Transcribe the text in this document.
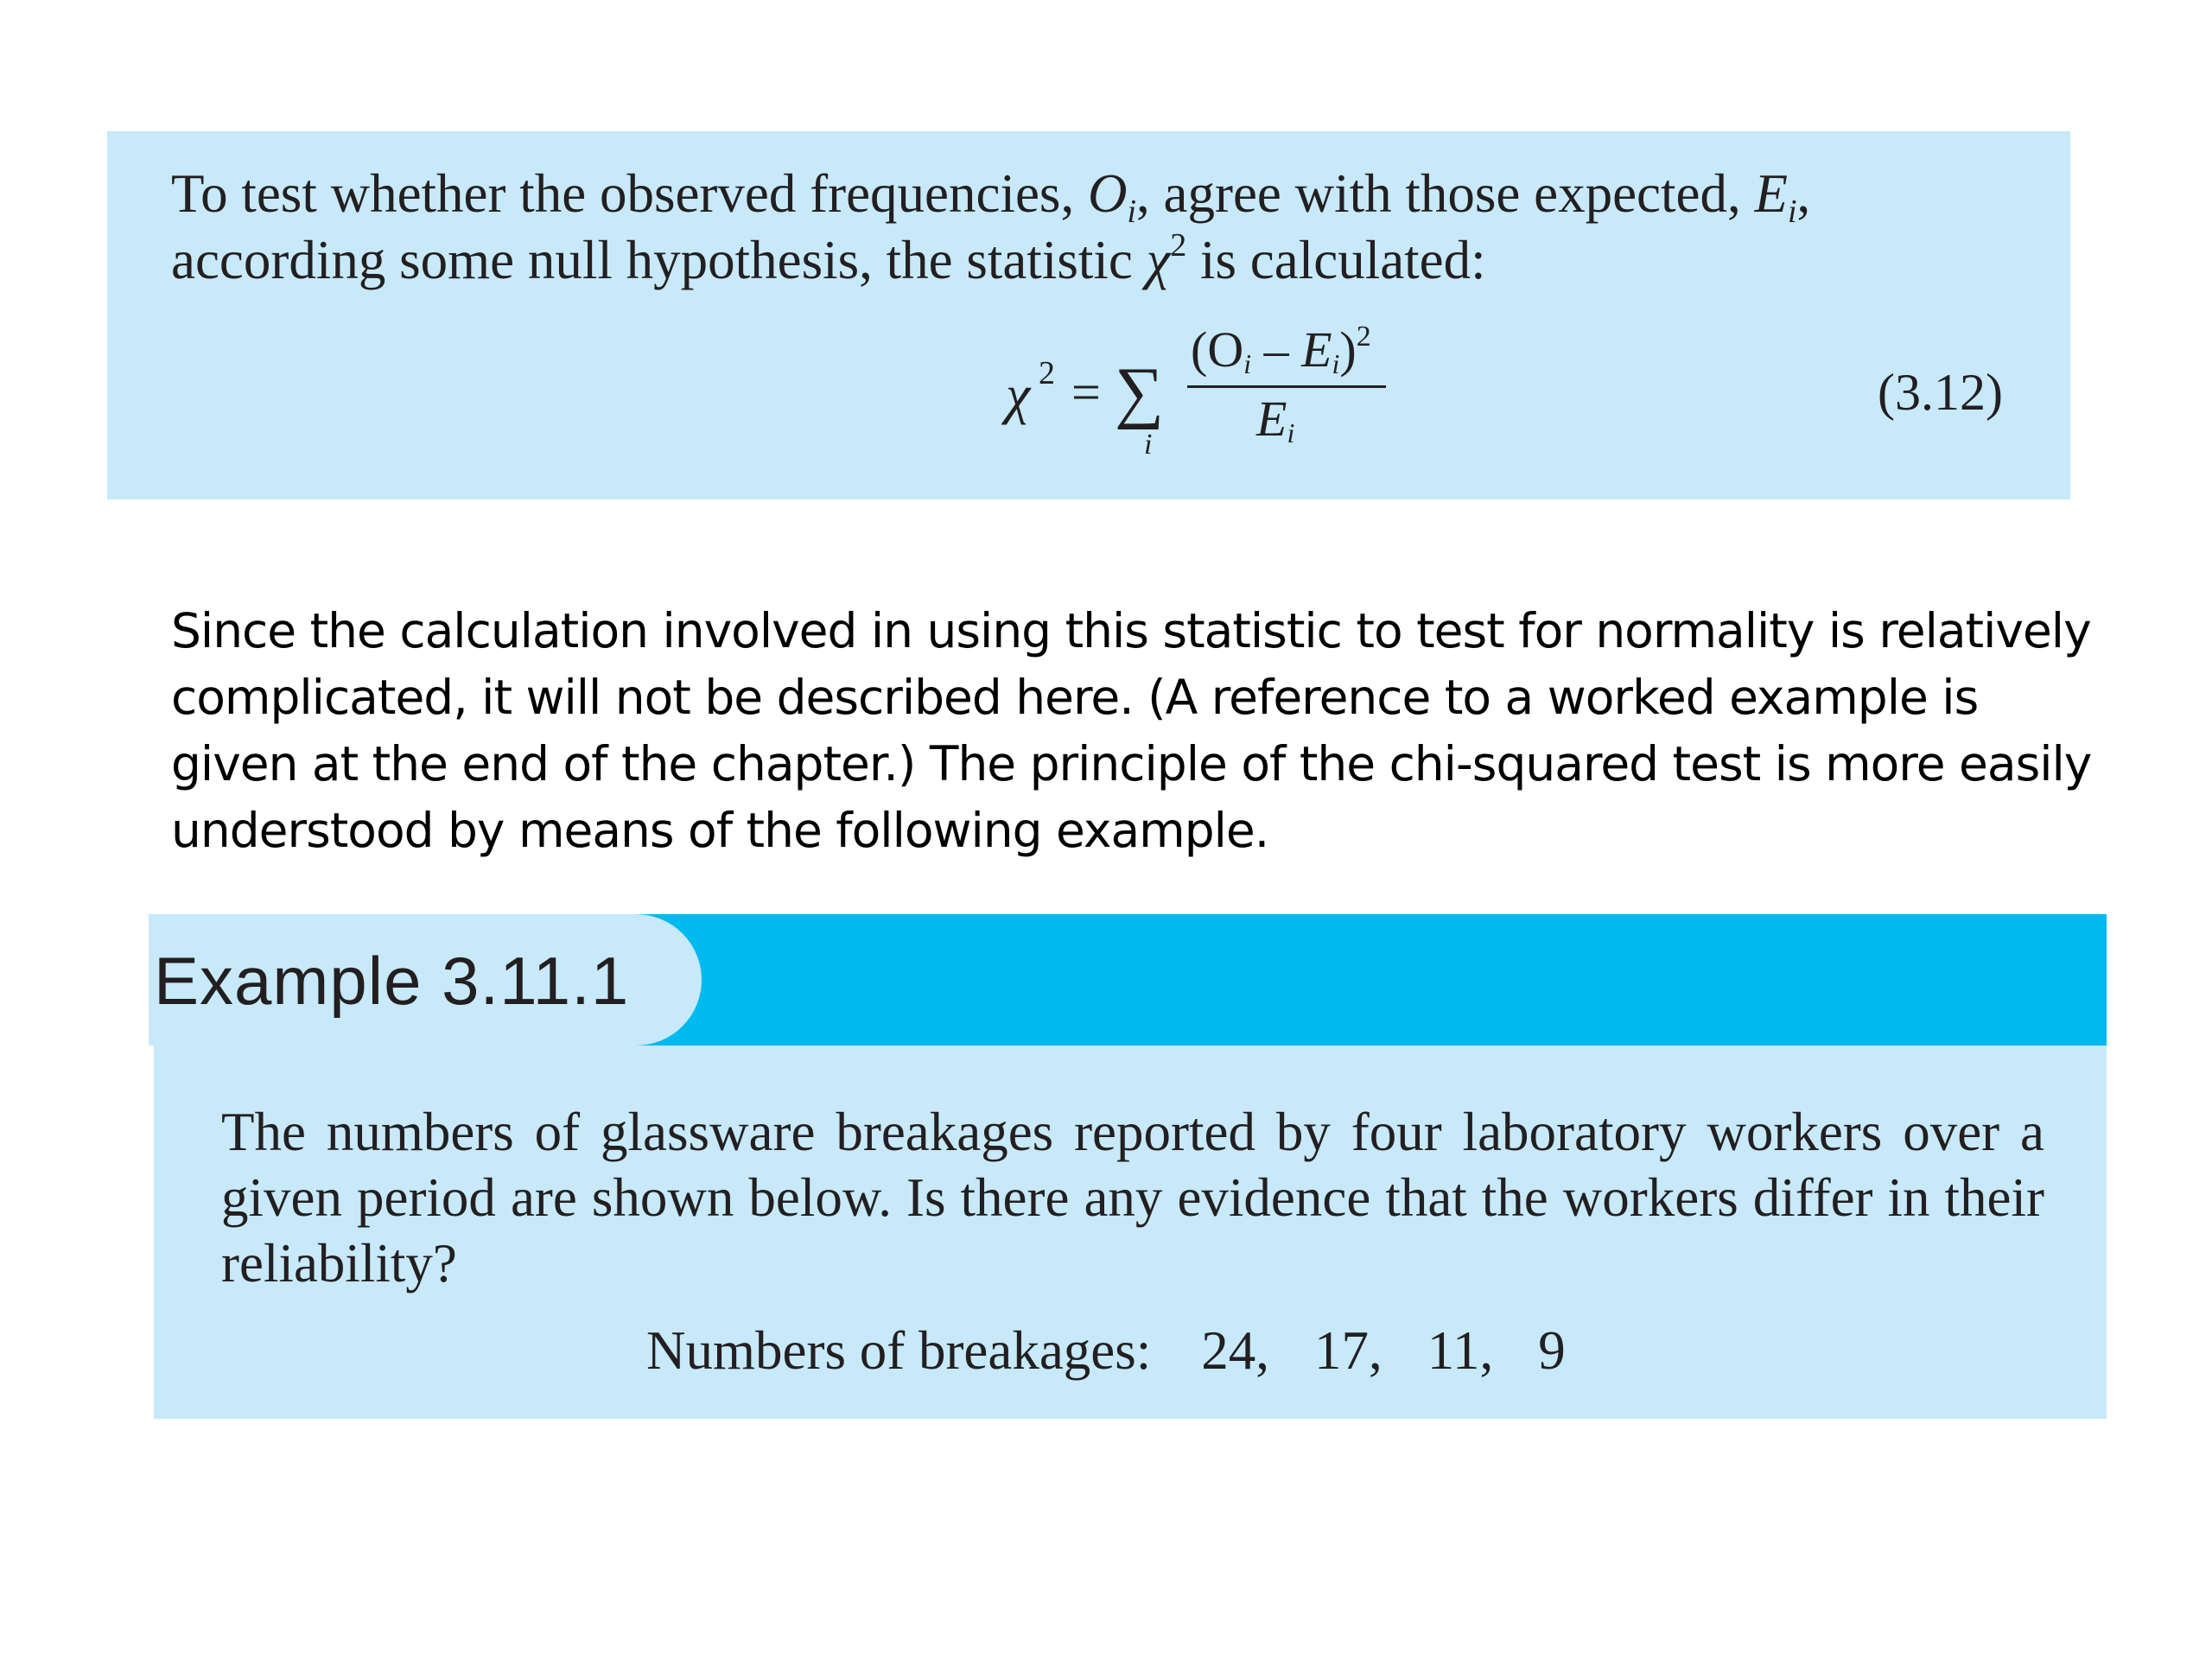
To test whether the observed frequencies, $O_i$, agree with those expected, $E_i$,
according some null hypothesis, the statistic $\chi^2$ is calculated:

χ 2 = ∑
i
$(O_i - E_i)^2$
$E_i$
(3.12)

Since the calculation involved in using this statistic to test for normality is relatively complicated, it will not be described here. (A reference to a worked example is given at the end of the chapter.) The principle of the chi-squared test is more easily understood by means of the following example.

Example 3.11.1

The numbers of glassware breakages reported by four laboratory workers over a given period are shown below. Is there any evidence that the workers differ in their reliability?

Numbers of breakages: 24, 17, 11, 9
